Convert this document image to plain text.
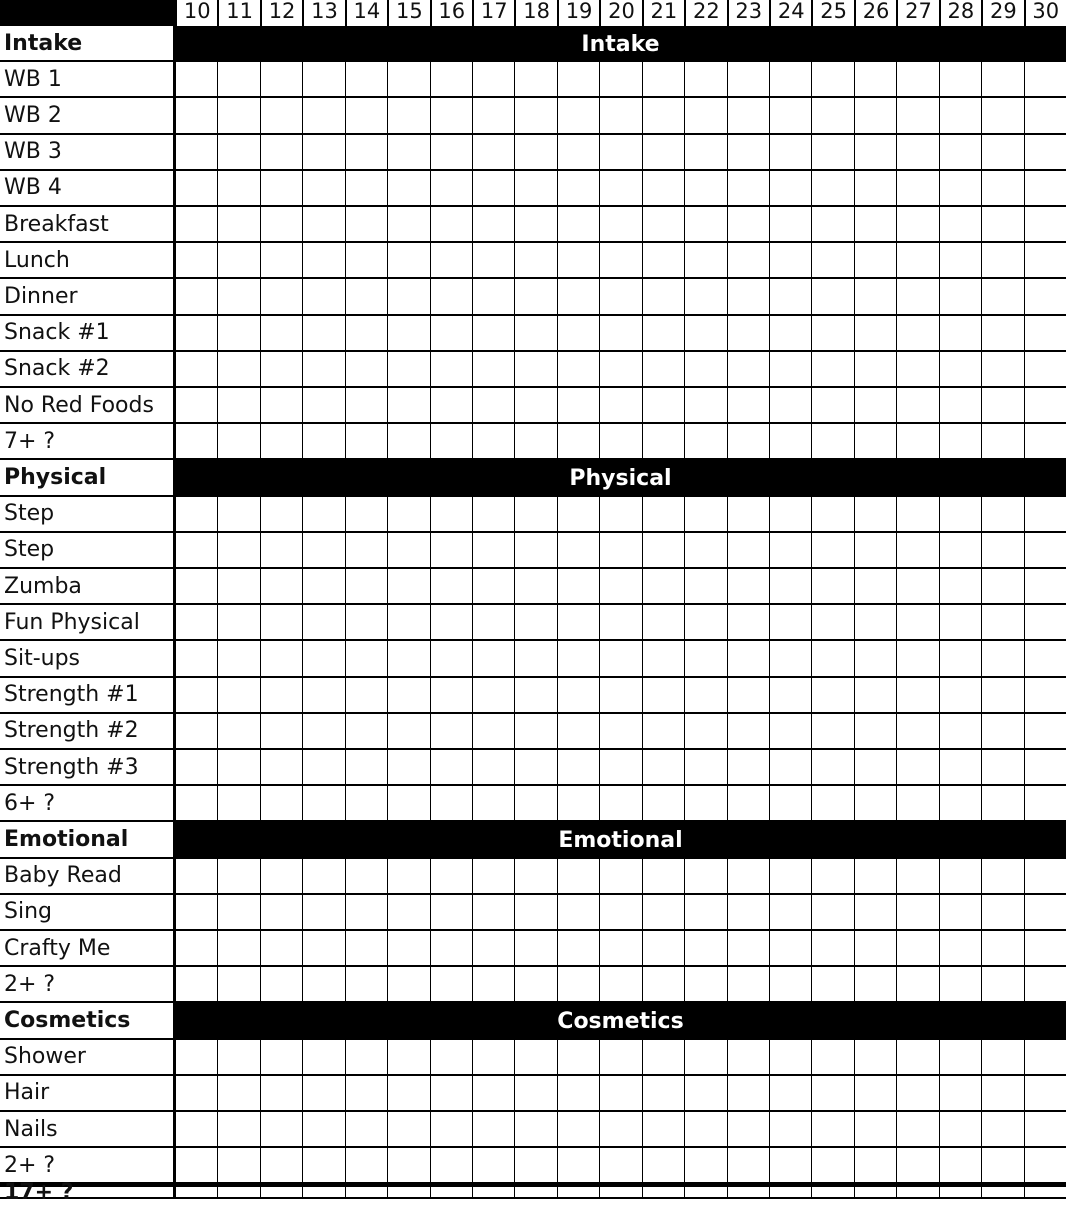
10 11 12 13 14 15 16 17 18 19 20 21 22 23 24 25 26 27 28 29 30
Intake	Intake
WB 1
WB 2
WB 3
WB 4
Breakfast
Lunch
Dinner
Snack #1
Snack #2
No Red Foods
7+ ?
Physical	Physical
Step
Step
Zumba
Fun Physical
Sit-ups
Strength #1
Strength #2
Strength #3
6+ ?
Emotional	Emotional
Baby Read
Sing
Crafty Me
2+ ?
Cosmetics	Cosmetics
Shower
Hair
Nails
2+ ?
17+ ?
